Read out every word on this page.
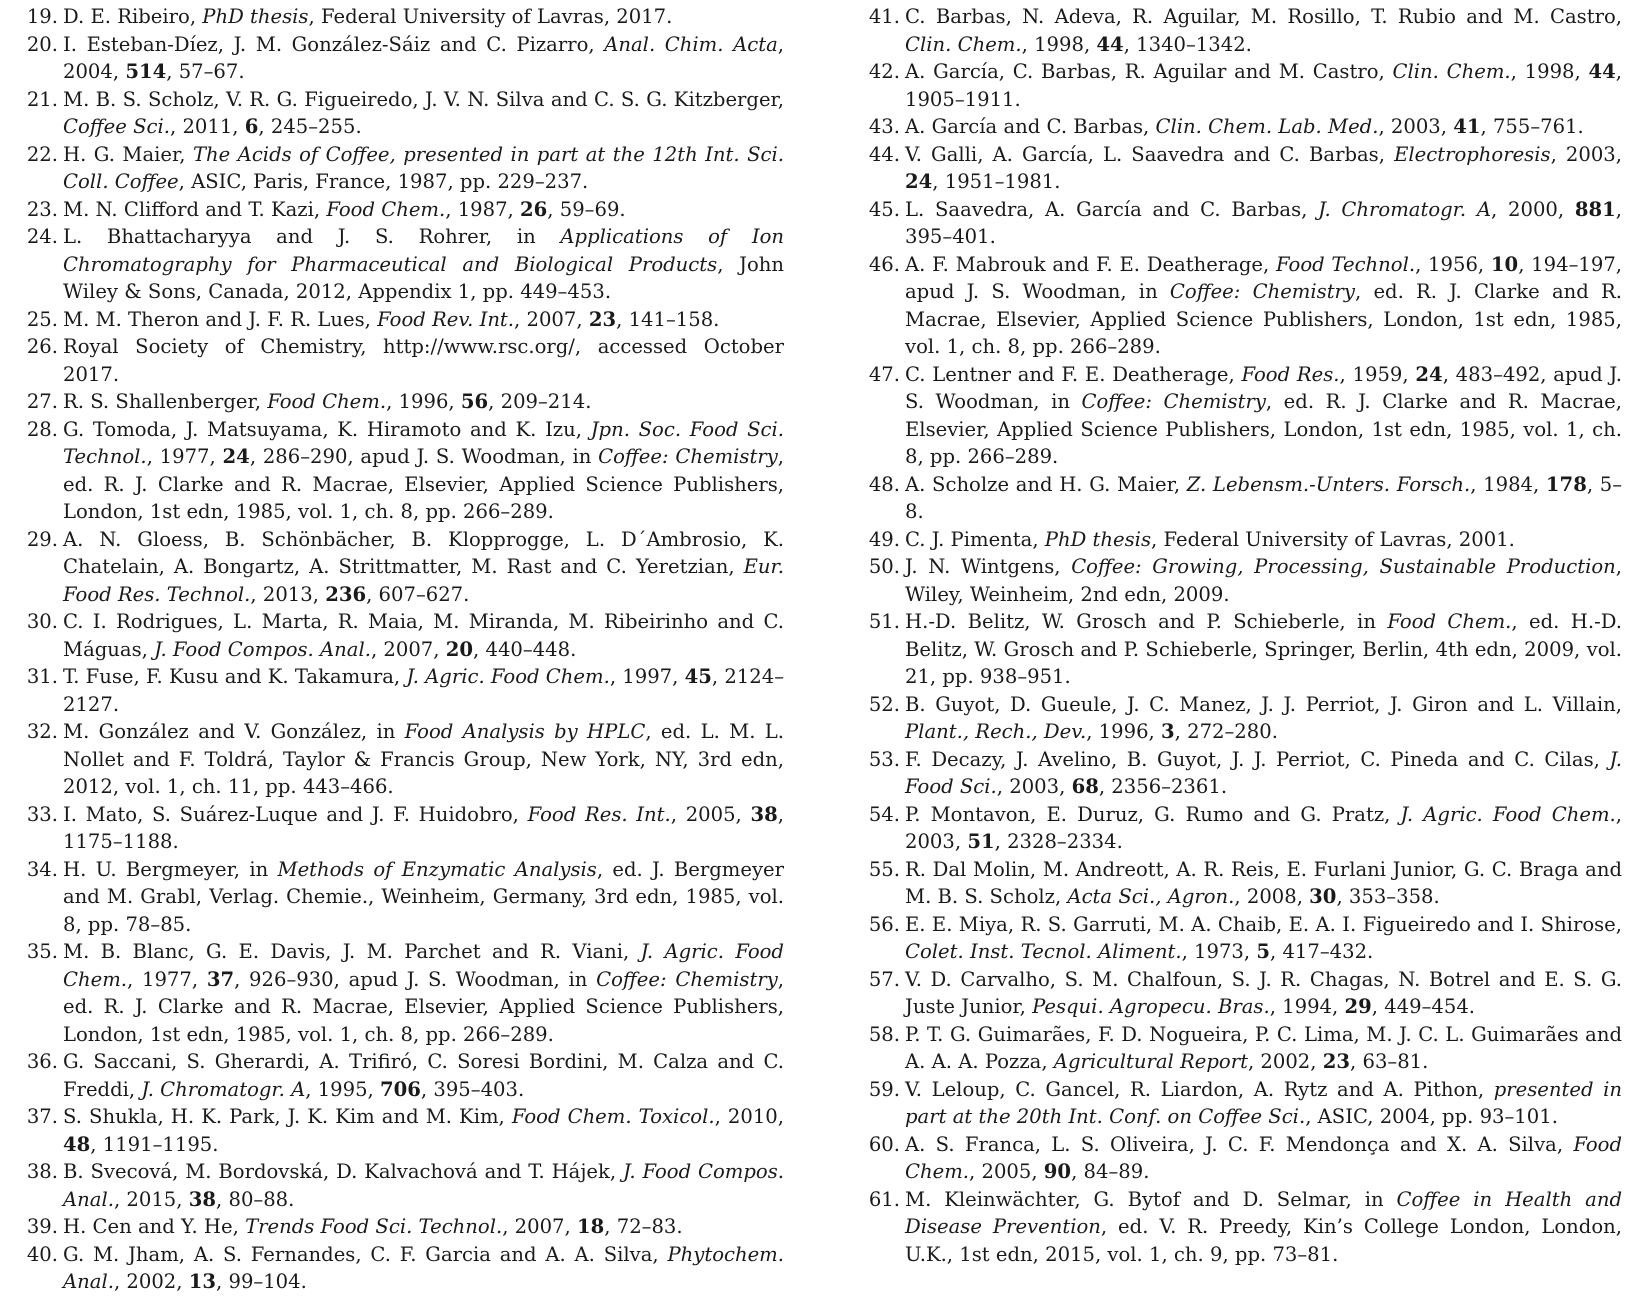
19. D. E. Ribeiro, PhD thesis, Federal University of Lavras, 2017.
20. I. Esteban-Díez, J. M. González-Sáiz and C. Pizarro, Anal. Chim. Acta, 2004, 514, 57–67.
21. M. B. S. Scholz, V. R. G. Figueiredo, J. V. N. Silva and C. S. G. Kitzberger, Coffee Sci., 2011, 6, 245–255.
22. H. G. Maier, The Acids of Coffee, presented in part at the 12th Int. Sci. Coll. Coffee, ASIC, Paris, France, 1987, pp. 229–237.
23. M. N. Clifford and T. Kazi, Food Chem., 1987, 26, 59–69.
24. L. Bhattacharyya and J. S. Rohrer, in Applications of Ion Chromatography for Pharmaceutical and Biological Products, John Wiley & Sons, Canada, 2012, Appendix 1, pp. 449–453.
25. M. M. Theron and J. F. R. Lues, Food Rev. Int., 2007, 23, 141–158.
26. Royal Society of Chemistry, http://www.rsc.org/, accessed October 2017.
27. R. S. Shallenberger, Food Chem., 1996, 56, 209–214.
28. G. Tomoda, J. Matsuyama, K. Hiramoto and K. Izu, Jpn. Soc. Food Sci. Technol., 1977, 24, 286–290, apud J. S. Woodman, in Coffee: Chemistry, ed. R. J. Clarke and R. Macrae, Elsevier, Applied Science Publishers, London, 1st edn, 1985, vol. 1, ch. 8, pp. 266–289.
29. A. N. Gloess, B. Schönbächer, B. Klopprogge, L. D´Ambrosio, K. Chatelain, A. Bongartz, A. Strittmatter, M. Rast and C. Yeretzian, Eur. Food Res. Technol., 2013, 236, 607–627.
30. C. I. Rodrigues, L. Marta, R. Maia, M. Miranda, M. Ribeirinho and C. Máguas, J. Food Compos. Anal., 2007, 20, 440–448.
31. T. Fuse, F. Kusu and K. Takamura, J. Agric. Food Chem., 1997, 45, 2124–2127.
32. M. González and V. González, in Food Analysis by HPLC, ed. L. M. L. Nollet and F. Toldrá, Taylor & Francis Group, New York, NY, 3rd edn, 2012, vol. 1, ch. 11, pp. 443–466.
33. I. Mato, S. Suárez-Luque and J. F. Huidobro, Food Res. Int., 2005, 38, 1175–1188.
34. H. U. Bergmeyer, in Methods of Enzymatic Analysis, ed. J. Bergmeyer and M. Grabl, Verlag. Chemie., Weinheim, Germany, 3rd edn, 1985, vol. 8, pp. 78–85.
35. M. B. Blanc, G. E. Davis, J. M. Parchet and R. Viani, J. Agric. Food Chem., 1977, 37, 926–930, apud J. S. Woodman, in Coffee: Chemistry, ed. R. J. Clarke and R. Macrae, Elsevier, Applied Science Publishers, London, 1st edn, 1985, vol. 1, ch. 8, pp. 266–289.
36. G. Saccani, S. Gherardi, A. Trifiró, C. Soresi Bordini, M. Calza and C. Freddi, J. Chromatogr. A, 1995, 706, 395–403.
37. S. Shukla, H. K. Park, J. K. Kim and M. Kim, Food Chem. Toxicol., 2010, 48, 1191–1195.
38. B. Svecová, M. Bordovská, D. Kalvachová and T. Hájek, J. Food Compos. Anal., 2015, 38, 80–88.
39. H. Cen and Y. He, Trends Food Sci. Technol., 2007, 18, 72–83.
40. G. M. Jham, A. S. Fernandes, C. F. Garcia and A. A. Silva, Phytochem. Anal., 2002, 13, 99–104.
41. C. Barbas, N. Adeva, R. Aguilar, M. Rosillo, T. Rubio and M. Castro, Clin. Chem., 1998, 44, 1340–1342.
42. A. García, C. Barbas, R. Aguilar and M. Castro, Clin. Chem., 1998, 44, 1905–1911.
43. A. García and C. Barbas, Clin. Chem. Lab. Med., 2003, 41, 755–761.
44. V. Galli, A. García, L. Saavedra and C. Barbas, Electrophoresis, 2003, 24, 1951–1981.
45. L. Saavedra, A. García and C. Barbas, J. Chromatogr. A, 2000, 881, 395–401.
46. A. F. Mabrouk and F. E. Deatherage, Food Technol., 1956, 10, 194–197, apud J. S. Woodman, in Coffee: Chemistry, ed. R. J. Clarke and R. Macrae, Elsevier, Applied Science Publishers, London, 1st edn, 1985, vol. 1, ch. 8, pp. 266–289.
47. C. Lentner and F. E. Deatherage, Food Res., 1959, 24, 483–492, apud J. S. Woodman, in Coffee: Chemistry, ed. R. J. Clarke and R. Macrae, Elsevier, Applied Science Publishers, London, 1st edn, 1985, vol. 1, ch. 8, pp. 266–289.
48. A. Scholze and H. G. Maier, Z. Lebensm.-Unters. Forsch., 1984, 178, 5–8.
49. C. J. Pimenta, PhD thesis, Federal University of Lavras, 2001.
50. J. N. Wintgens, Coffee: Growing, Processing, Sustainable Production, Wiley, Weinheim, 2nd edn, 2009.
51. H.-D. Belitz, W. Grosch and P. Schieberle, in Food Chem., ed. H.-D. Belitz, W. Grosch and P. Schieberle, Springer, Berlin, 4th edn, 2009, vol. 21, pp. 938–951.
52. B. Guyot, D. Gueule, J. C. Manez, J. J. Perriot, J. Giron and L. Villain, Plant., Rech., Dev., 1996, 3, 272–280.
53. F. Decazy, J. Avelino, B. Guyot, J. J. Perriot, C. Pineda and C. Cilas, J. Food Sci., 2003, 68, 2356–2361.
54. P. Montavon, E. Duruz, G. Rumo and G. Pratz, J. Agric. Food Chem., 2003, 51, 2328–2334.
55. R. Dal Molin, M. Andreott, A. R. Reis, E. Furlani Junior, G. C. Braga and M. B. S. Scholz, Acta Sci., Agron., 2008, 30, 353–358.
56. E. E. Miya, R. S. Garruti, M. A. Chaib, E. A. I. Figueiredo and I. Shirose, Colet. Inst. Tecnol. Aliment., 1973, 5, 417–432.
57. V. D. Carvalho, S. M. Chalfoun, S. J. R. Chagas, N. Botrel and E. S. G. Juste Junior, Pesqui. Agropecu. Bras., 1994, 29, 449–454.
58. P. T. G. Guimarães, F. D. Nogueira, P. C. Lima, M. J. C. L. Guimarães and A. A. A. Pozza, Agricultural Report, 2002, 23, 63–81.
59. V. Leloup, C. Gancel, R. Liardon, A. Rytz and A. Pithon, presented in part at the 20th Int. Conf. on Coffee Sci., ASIC, 2004, pp. 93–101.
60. A. S. Franca, L. S. Oliveira, J. C. F. Mendonça and X. A. Silva, Food Chem., 2005, 90, 84–89.
61. M. Kleinwächter, G. Bytof and D. Selmar, in Coffee in Health and Disease Prevention, ed. V. R. Preedy, Kin’s College London, London, U.K., 1st edn, 2015, vol. 1, ch. 9, pp. 73–81.
